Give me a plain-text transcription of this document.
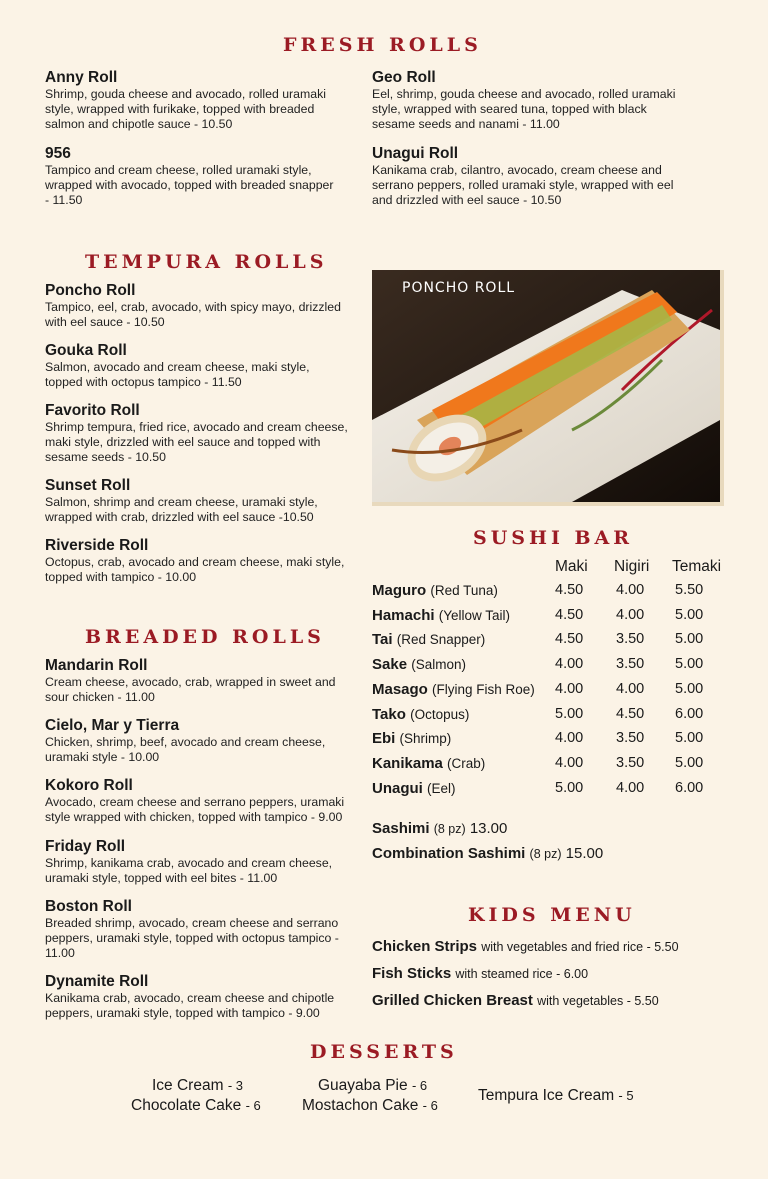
FRESH ROLLS
Anny Roll
Shrimp, gouda cheese and avocado, rolled uramaki style, wrapped with furikake, topped with breaded salmon and chipotle sauce - 10.50
956
Tampico and cream cheese, rolled uramaki style, wrapped with avocado, topped with breaded snapper - 11.50
Geo Roll
Eel, shrimp, gouda cheese and avocado, rolled uramaki style, wrapped with seared tuna, topped with black sesame seeds and nanami - 11.00
Unagui Roll
Kanikama crab, cilantro, avocado, cream cheese and serrano peppers, rolled uramaki style, wrapped with eel and drizzled with eel sauce - 10.50
TEMPURA ROLLS
Poncho Roll
Tampico, eel, crab, avocado, with spicy mayo, drizzled with eel sauce - 10.50
Gouka Roll
Salmon, avocado and cream cheese, maki style, topped with octopus tampico - 11.50
Favorito Roll
Shrimp tempura, fried rice, avocado and cream cheese, maki style, drizzled with eel sauce and topped with sesame seeds - 10.50
Sunset Roll
Salmon, shrimp and cream cheese, uramaki style, wrapped with crab, drizzled with eel sauce -10.50
Riverside Roll
Octopus, crab, avocado and cream cheese, maki style, topped with tampico - 10.00
BREADED ROLLS
Mandarin Roll
Cream cheese, avocado, crab, wrapped in sweet and sour chicken - 11.00
Cielo, Mar y Tierra
Chicken, shrimp, beef, avocado and cream cheese, uramaki style - 10.00
Kokoro Roll
Avocado, cream cheese and serrano peppers, uramaki style wrapped with chicken, topped with tampico - 9.00
Friday Roll
Shrimp, kanikama crab, avocado and cream cheese, uramaki style, topped with eel bites - 11.00
Boston Roll
Breaded shrimp, avocado, cream cheese and serrano peppers, uramaki style, topped with octopus tampico - 11.00
Dynamite Roll
Kanikama crab, avocado, cream cheese and chipotle peppers, uramaki style, topped with tampico - 9.00
PONCHO ROLL
SUSHI BAR
Maki Nigiri Temaki
Maguro (Red Tuna)	4.50 4.00 5.50
Hamachi (Yellow Tail)	4.50 4.00 5.00
Tai (Red Snapper)	4.50 3.50 5.00
Sake (Salmon)	4.00 3.50 5.00
Masago (Flying Fish Roe) 4.00 4.00 5.00
Tako (Octopus)	5.00 4.50 6.00
Ebi (Shrimp)	4.00 3.50 5.00
Kanikama (Crab)	4.00 3.50 5.00
Unagui (Eel)	5.00 4.00 6.00
Sashimi (8 pz) 13.00
Combination Sashimi (8 pz) 15.00
KIDS MENU
Chicken Strips with vegetables and fried rice - 5.50
Fish Sticks with steamed rice - 6.00
Grilled Chicken Breast with vegetables - 5.50
DESSERTS
Ice Cream - 3
Chocolate Cake - 6
Guayaba Pie - 6
Mostachon Cake - 6
Tempura Ice Cream - 5
